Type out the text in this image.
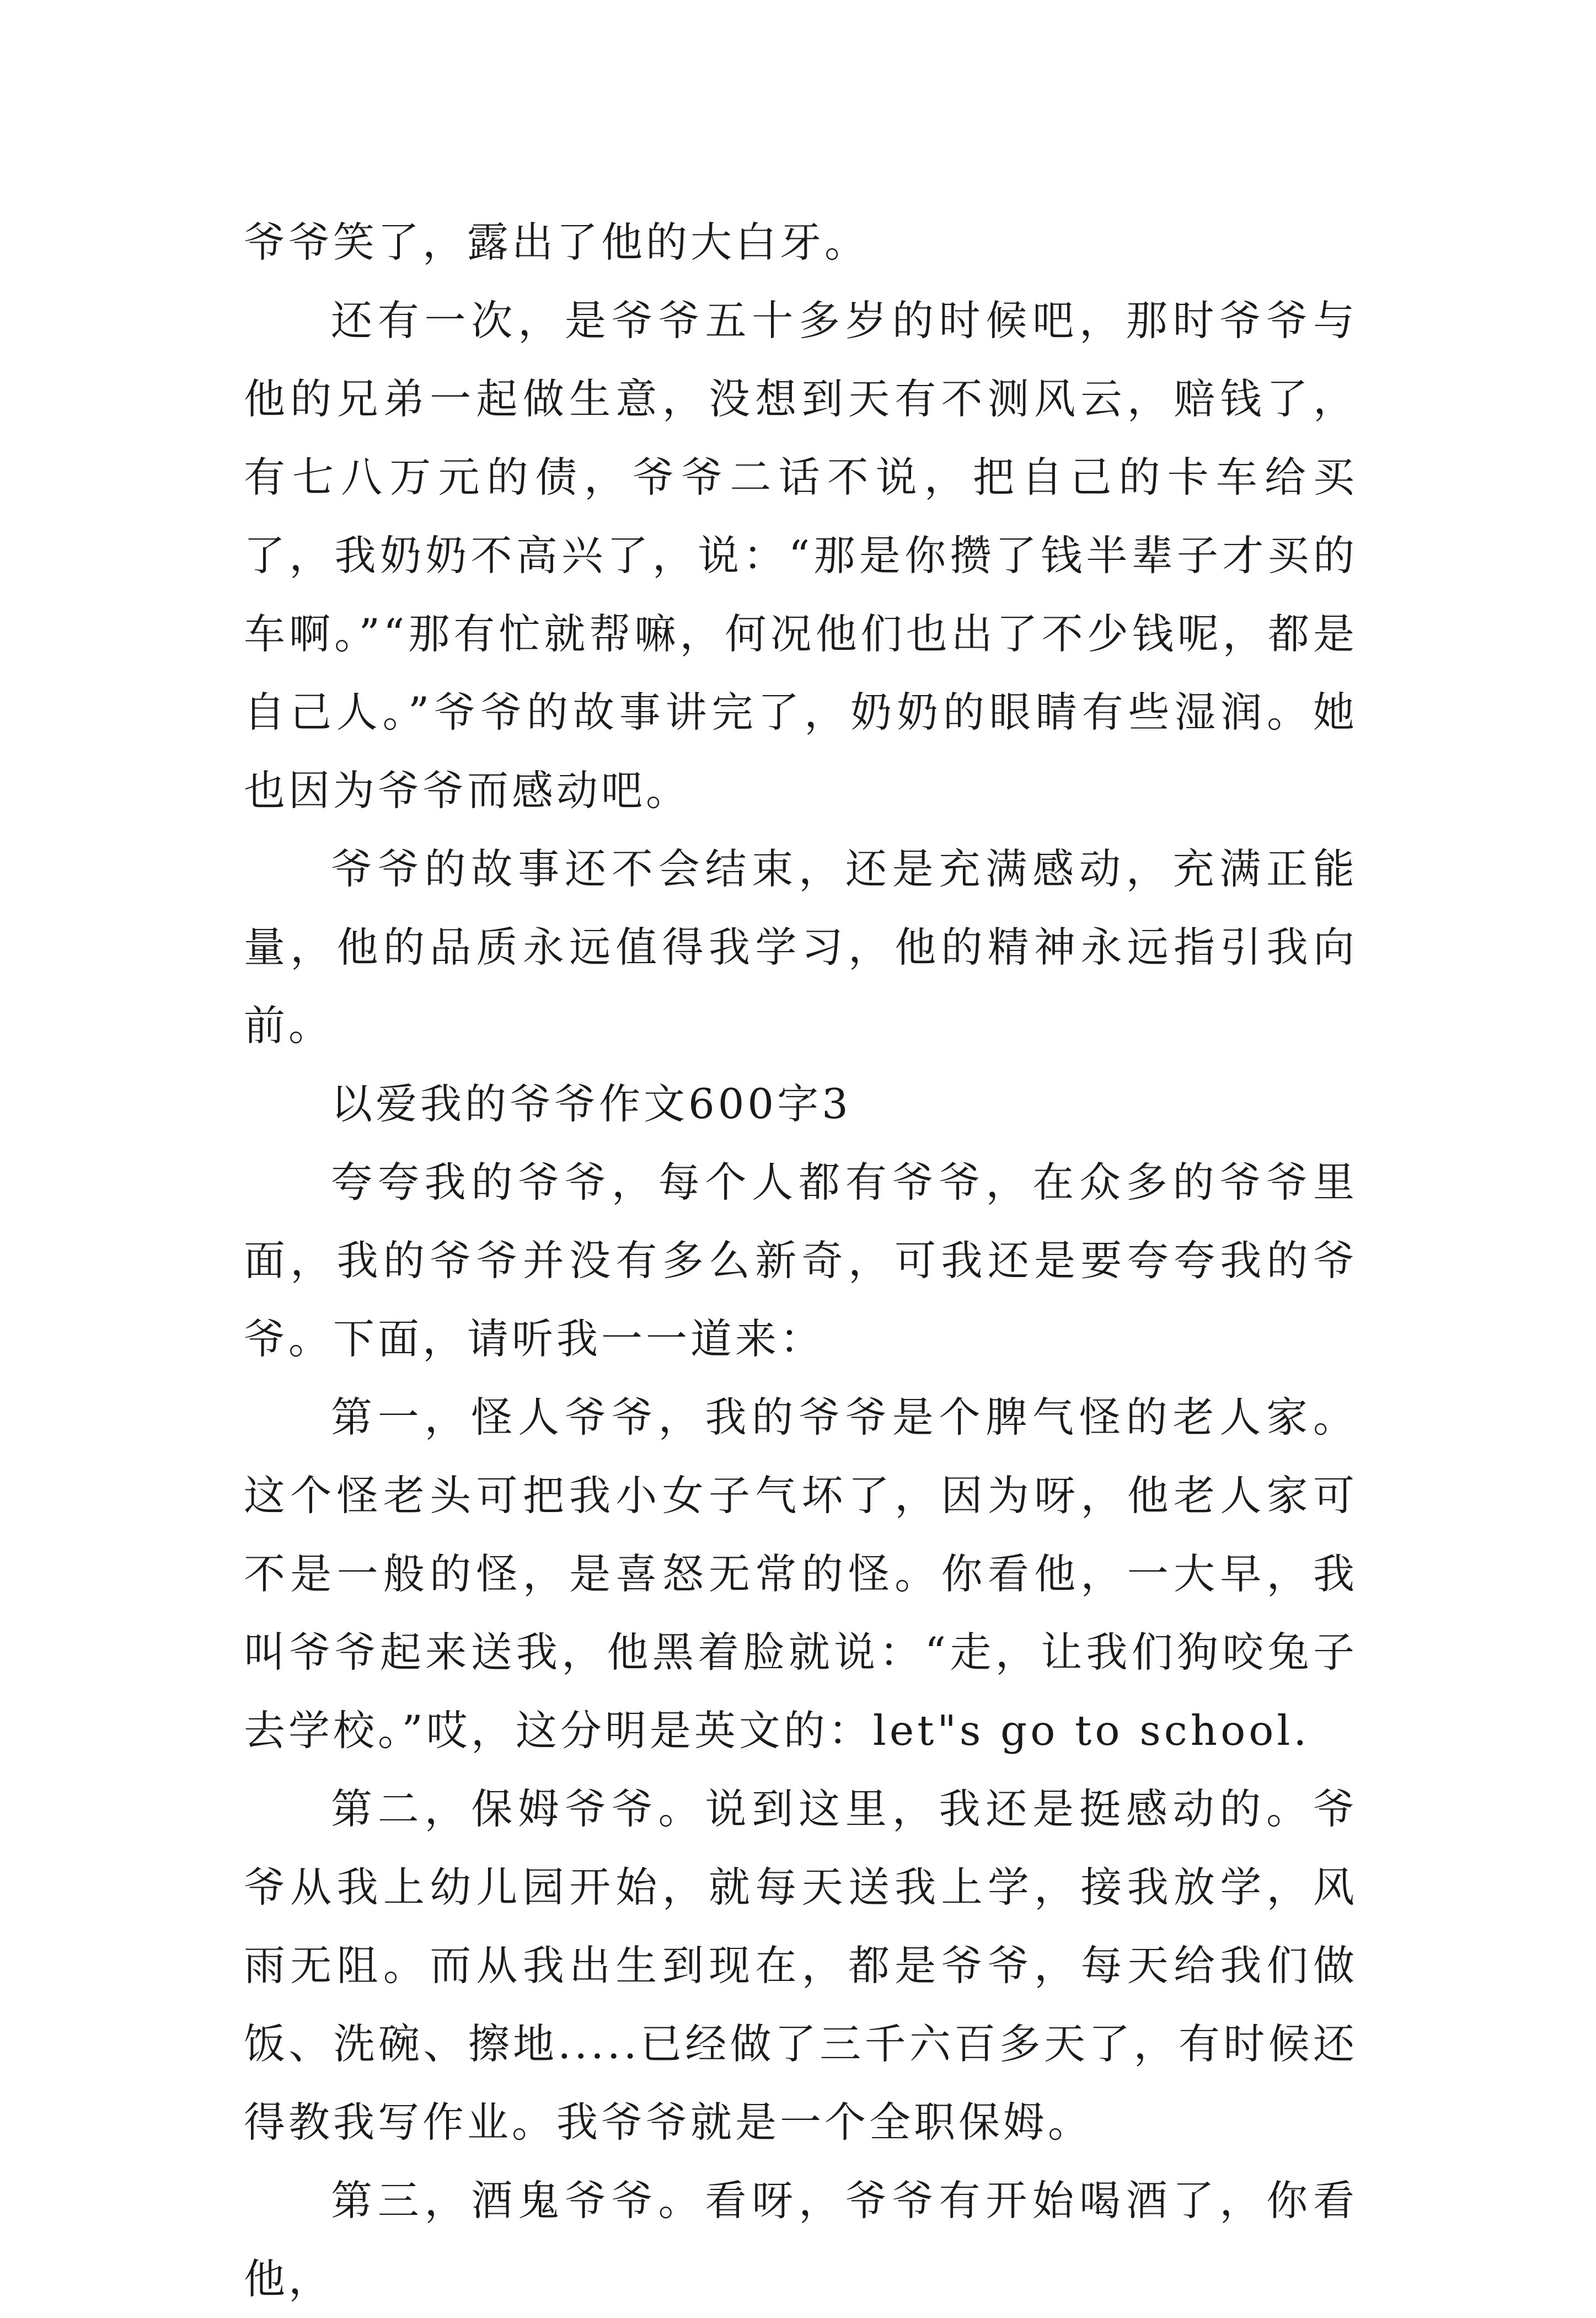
爷爷笑了，露出了他的大白牙。

还有一次，是爷爷五十多岁的时候吧，那时爷爷与他的兄弟一起做生意，没想到天有不测风云，赔钱了，有七八万元的债，爷爷二话不说，把自己的卡车给买了，我奶奶不高兴了，说：“那是你攒了钱半辈子才买的车啊。”“那有忙就帮嘛，何况他们也出了不少钱呢，都是自己人。”爷爷的故事讲完了，奶奶的眼睛有些湿润。她也因为爷爷而感动吧。

爷爷的故事还不会结束，还是充满感动，充满正能量，他的品质永远值得我学习，他的精神永远指引我向前。

以爱我的爷爷作文600字3

夸夸我的爷爷，每个人都有爷爷，在众多的爷爷里面，我的爷爷并没有多么新奇，可我还是要夸夸我的爷爷。下面，请听我一一道来：

第一，怪人爷爷，我的爷爷是个脾气怪的老人家。这个怪老头可把我小女子气坏了，因为呀，他老人家可不是一般的怪，是喜怒无常的怪。你看他，一大早，我叫爷爷起来送我，他黑着脸就说：“走，让我们狗咬兔子去学校。”哎，这分明是英文的：let"s go to school.

第二，保姆爷爷。说到这里，我还是挺感动的。爷爷从我上幼儿园开始，就每天送我上学，接我放学，风雨无阻。而从我出生到现在，都是爷爷，每天给我们做饭、洗碗、擦地.....已经做了三千六百多天了，有时候还得教我写作业。我爷爷就是一个全职保姆。

第三，酒鬼爷爷。看呀，爷爷有开始喝酒了，你看他，
